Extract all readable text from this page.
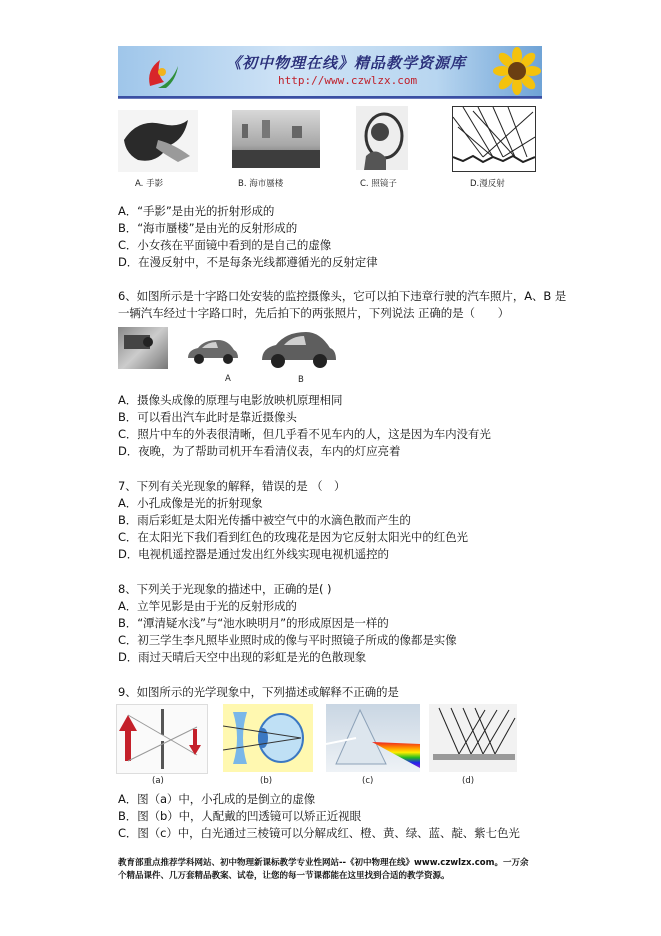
《初中物理在线》精品教学资源库
http://www.czwlzx.com
A. 手影	B. 海市蜃楼	C. 照镜子	D.漫反射
A．“手影”是由光的折射形成的
B．“海市蜃楼”是由光的反射形成的
C．小女孩在平面镜中看到的是自己的虚像
D．在漫反射中，不是每条光线都遵循光的反射定律
6、如图所示是十字路口处安装的监控摄像头，它可以拍下违章行驶的汽车照片，A、B 是
一辆汽车经过十字路口时，先后拍下的两张照片，下列说法 正确的是（　　）
A	B
A．摄像头成像的原理与电影放映机原理相同
B．可以看出汽车此时是靠近摄像头
C．照片中车的外表很清晰，但几乎看不见车内的人，这是因为车内没有光
D．夜晚，为了帮助司机开车看清仪表，车内的灯应亮着
7、下列有关光现象的解释，错误的是 （　）
A．小孔成像是光的折射现象
B．雨后彩虹是太阳光传播中被空气中的水滴色散而产生的
C．在太阳光下我们看到红色的玫瑰花是因为它反射太阳光中的红色光
D．电视机遥控器是通过发出红外线实现电视机遥控的
8、下列关于光现象的描述中，正确的是( )
A．立竿见影是由于光的反射形成的
B．“潭清疑水浅”与“池水映明月”的形成原因是一样的
C．初三学生李凡照毕业照时成的像与平时照镜子所成的像都是实像
D．雨过天晴后天空中出现的彩虹是光的色散现象
9、如图所示的光学现象中，下列描述或解释不正确的是
(a)	(b)	(c)	(d)
A．图（a）中，小孔成的是倒立的虚像
B．图（b）中，人配戴的凹透镜可以矫正近视眼
C．图（c）中，白光通过三棱镜可以分解成红、橙、黄、绿、蓝、靛、紫七色光
教育部重点推荐学科网站、初中物理新课标教学专业性网站--《初中物理在线》www.czwlzx.com。一万余
个精品课件、几万套精品教案、试卷，让您的每一节课都能在这里找到合适的教学资源。
